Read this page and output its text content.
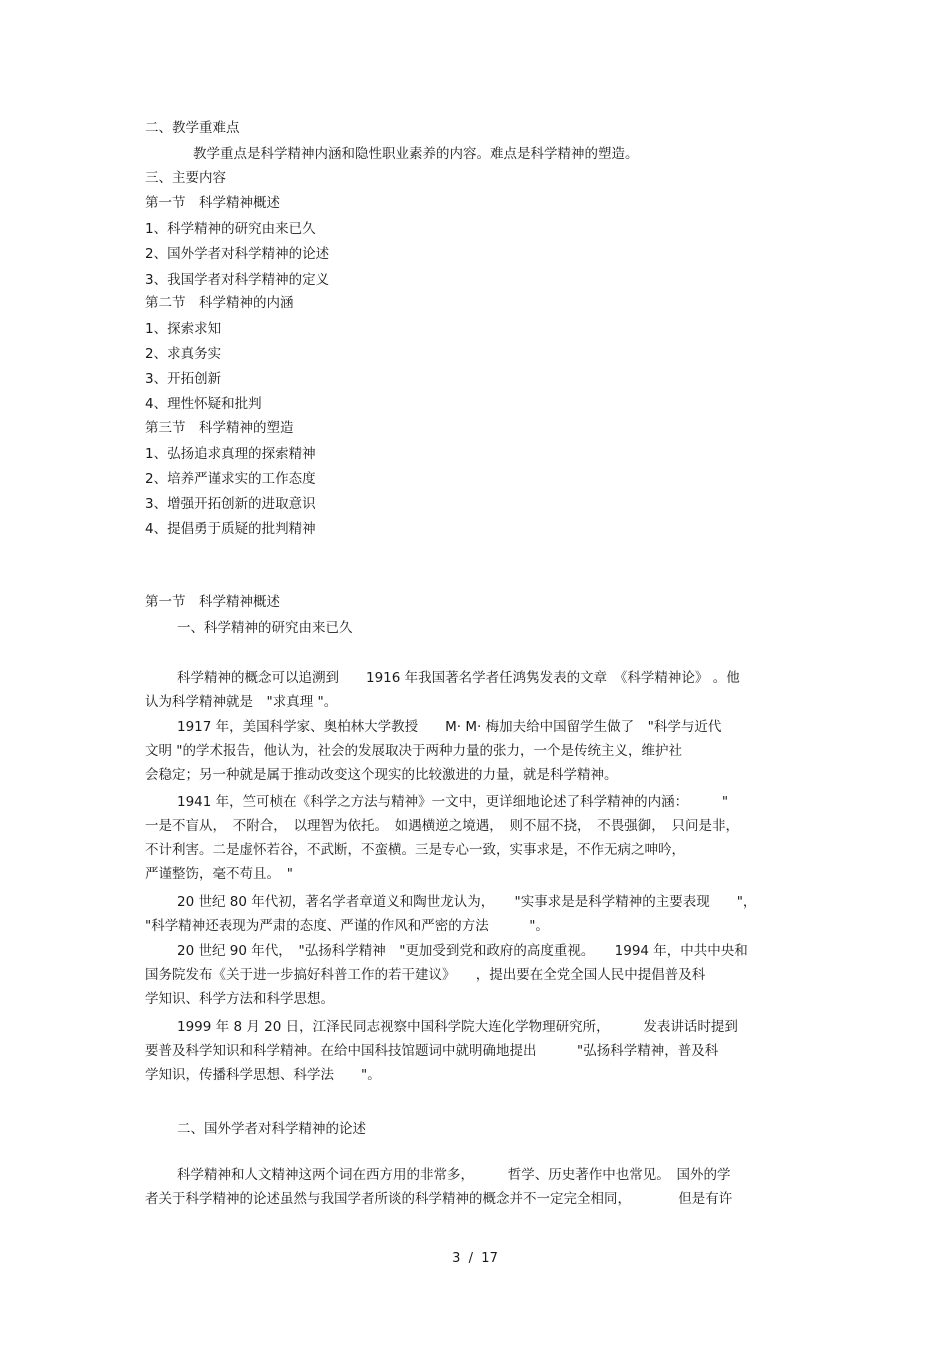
二、教学重难点

教学重点是科学精神内涵和隐性职业素养的内容。难点是科学精神的塑造。

三、主要内容

第一节　科学精神概述

1、科学精神的研究由来已久

2、国外学者对科学精神的论述

3、我国学者对科学精神的定义

第二节　科学精神的内涵

1、探索求知

2、求真务实

3、开拓创新

4、理性怀疑和批判

第三节　科学精神的塑造

1、弘扬追求真理的探索精神

2、培养严谨求实的工作态度

3、增强开拓创新的进取意识

4、提倡勇于质疑的批判精神

第一节　科学精神概述

一、科学精神的研究由来已久

科学精神的概念可以追溯到　　1916 年我国著名学者任鸿隽发表的文章　《科学精神论》 。他
认为科学精神就是　"求真理 "。
1917 年，美国科学家、奥柏林大学教授　　M· M· 梅加夫给中国留学生做了　"科学与近代
文明 "的学术报告，他认为，社会的发展取决于两种力量的张力，一个是传统主义，维护社
会稳定；另一种就是属于推动改变这个现实的比较激进的力量，就是科学精神。
1941 年，竺可桢在《科学之方法与精神》一文中，更详细地论述了科学精神的内涵：　　　"
一是不盲从，　不附合，　以理智为依托。　如遇横逆之境遇，　则不屈不挠，　不畏强御，　只问是非，
不计利害。二是虚怀若谷，不武断，不蛮横。三是专心一致，实事求是，不作无病之呻吟，
严谨整饬，毫不苟且。　"
20 世纪 80 年代初，著名学者章道义和陶世龙认为，　　"实事求是是科学精神的主要表现　　"，
"科学精神还表现为严肃的态度、严谨的作风和严密的方法　　　"。
20 世纪 90 年代，　"弘扬科学精神　"更加受到党和政府的高度重视。　　1994 年，中共中央和
国务院发布《关于进一步搞好科普工作的若干建议》　　，提出要在全党全国人民中提倡普及科
学知识、科学方法和科学思想。
1999 年 8 月 20 日，江泽民同志视察中国科学院大连化学物理研究所，　　　发表讲话时提到
要普及科学知识和科学精神。在给中国科技馆题词中就明确地提出　　　"弘扬科学精神，普及科
学知识，传播科学思想、科学法　　"。

二、国外学者对科学精神的论述

科学精神和人文精神这两个词在西方用的非常多，　　　哲学、历史著作中也常见。　国外的学
者关于科学精神的论述虽然与我国学者所谈的科学精神的概念并不一定完全相同，　　　　但是有许
3  /  17
